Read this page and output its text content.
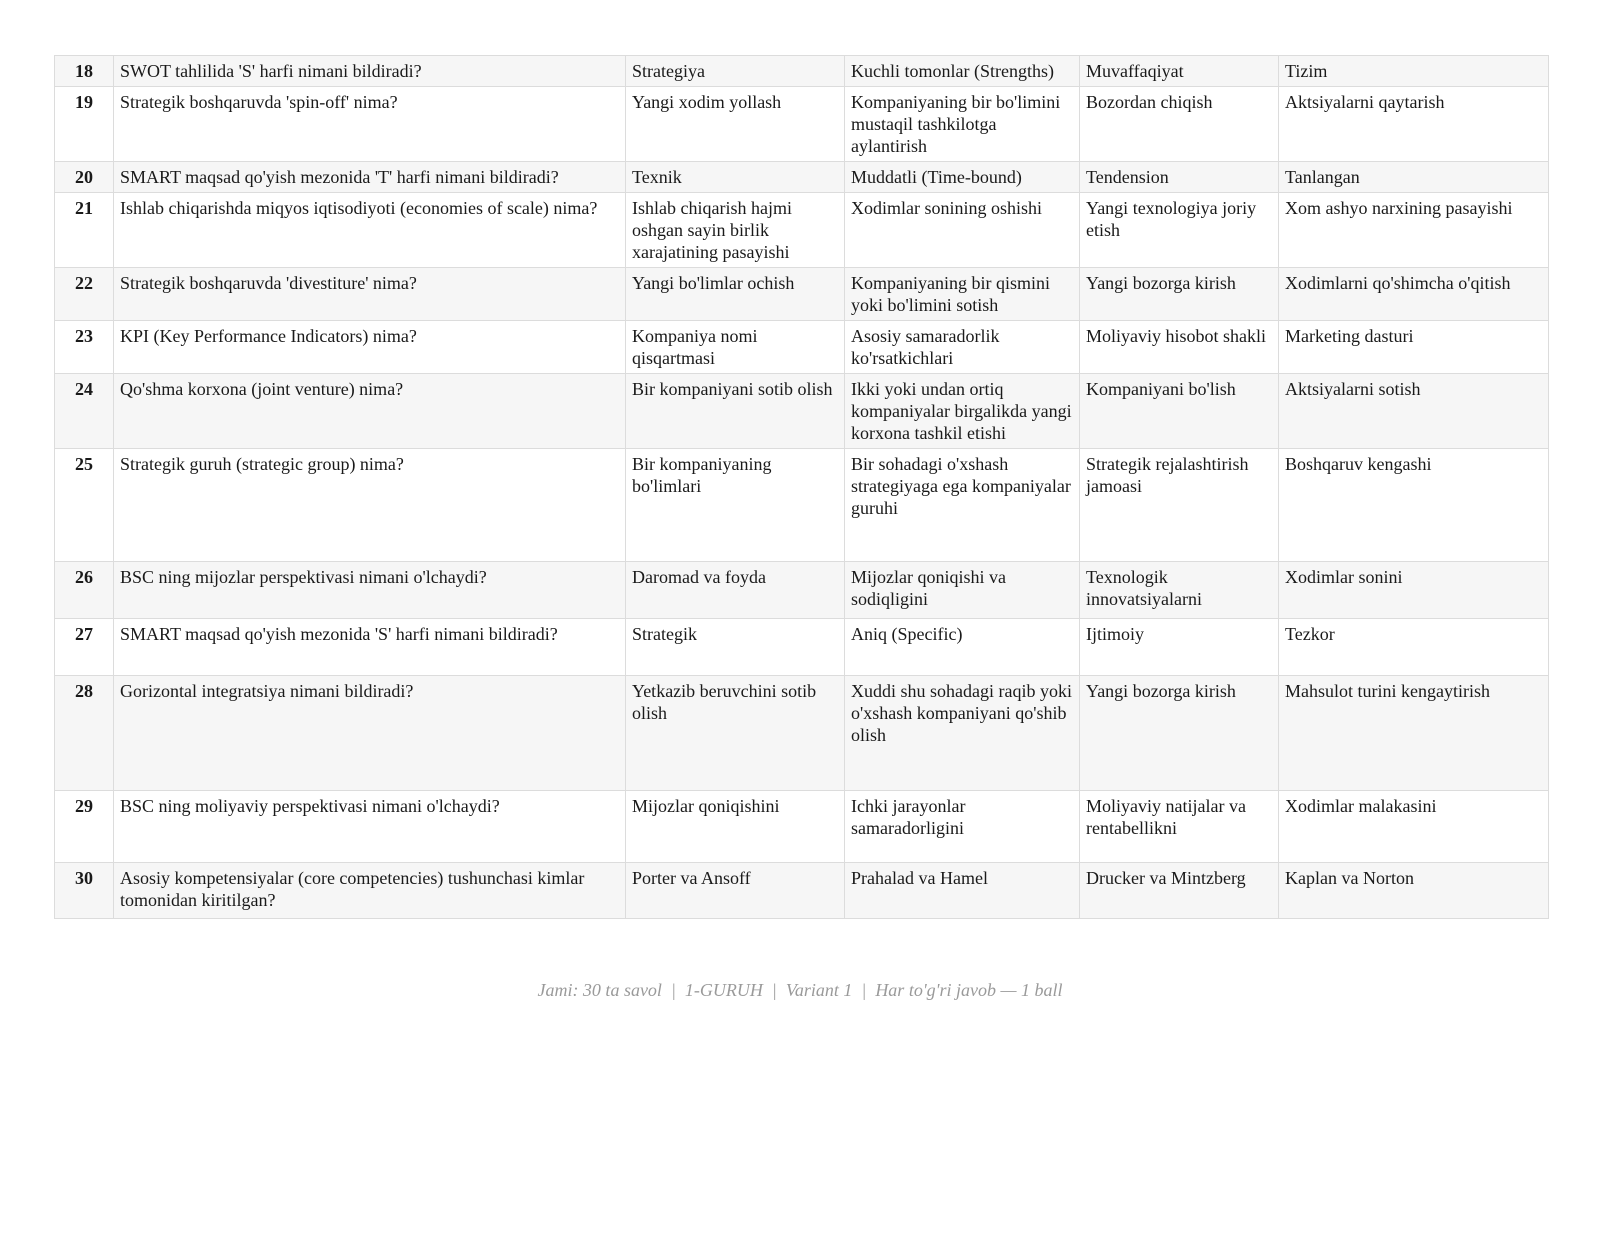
18	SWOT tahlilida 'S' harfi nimani bildiradi?	Strategiya	Kuchli tomonlar (Strengths)	Muvaffaqiyat	Tizim
19	Strategik boshqaruvda 'spin-off' nima?	Yangi xodim yollash	Kompaniyaning bir bo'limini mustaqil tashkilotga aylantirish	Bozordan chiqish	Aktsiyalarni qaytarish
20	SMART maqsad qo'yish mezonida 'T' harfi nimani bildiradi?	Texnik	Muddatli (Time-bound)	Tendension	Tanlangan
21	Ishlab chiqarishda miqyos iqtisodiyoti (economies of scale) nima?	Ishlab chiqarish hajmi oshgan sayin birlik xarajatining pasayishi	Xodimlar sonining oshishi	Yangi texnologiya joriy etish	Xom ashyo narxining pasayishi
22	Strategik boshqaruvda 'divestiture' nima?	Yangi bo'limlar ochish	Kompaniyaning bir qismini yoki bo'limini sotish	Yangi bozorga kirish	Xodimlarni qo'shimcha o'qitish
23	KPI (Key Performance Indicators) nima?	Kompaniya nomi qisqartmasi	Asosiy samaradorlik ko'rsatkichlari	Moliyaviy hisobot shakli	Marketing dasturi
24	Qo'shma korxona (joint venture) nima?	Bir kompaniyani sotib olish	Ikki yoki undan ortiq kompaniyalar birgalikda yangi korxona tashkil etishi	Kompaniyani bo'lish	Aktsiyalarni sotish
25	Strategik guruh (strategic group) nima?	Bir kompaniyaning bo'limlari	Bir sohadagi o'xshash strategiyaga ega kompaniyalar guruhi	Strategik rejalashtirish jamoasi	Boshqaruv kengashi
26	BSC ning mijozlar perspektivasi nimani o'lchaydi?	Daromad va foyda	Mijozlar qoniqishi va sodiqligini	Texnologik innovatsiyalarni	Xodimlar sonini
27	SMART maqsad qo'yish mezonida 'S' harfi nimani bildiradi?	Strategik	Aniq (Specific)	Ijtimoiy	Tezkor
28	Gorizontal integratsiya nimani bildiradi?	Yetkazib beruvchini sotib olish	Xuddi shu sohadagi raqib yoki o'xshash kompaniyani qo'shib olish	Yangi bozorga kirish	Mahsulot turini kengaytirish
29	BSC ning moliyaviy perspektivasi nimani o'lchaydi?	Mijozlar qoniqishini	Ichki jarayonlar samaradorligini	Moliyaviy natijalar va rentabellikni	Xodimlar malakasini
30	Asosiy kompetensiyalar (core competencies) tushunchasi kimlar tomonidan kiritilgan?	Porter va Ansoff	Prahalad va Hamel	Drucker va Mintzberg	Kaplan va Norton
Jami: 30 ta savol | 1-GURUH | Variant 1 | Har to'g'ri javob — 1 ball
